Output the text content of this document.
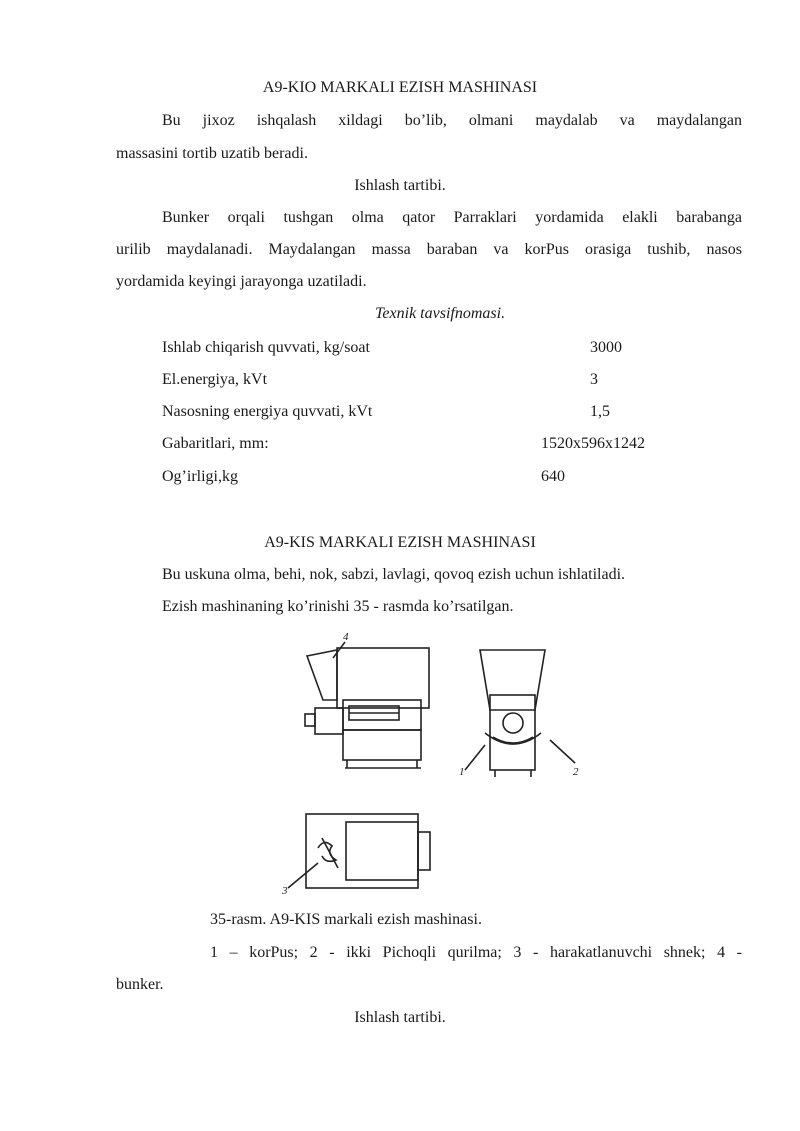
A9-KIO MARKALI EZISH MASHINASI
Bu jixoz ishqalash xildagi bo’lib, olmani maydalab va maydalangan
massasini tortib uzatib beradi.
Ishlash tartibi.
Bunker orqali tushgan olma qator Parraklari yordamida elakli barabanga
urilib maydalanadi. Maydalangan massa baraban va korPus orasiga tushib, nasos
yordamida keyingi jarayonga uzatiladi.
Texnik tavsifnomasi.
Ishlab chiqarish quvvati, kg/soat	3000
El.energiya, kVt	3
Nasosning energiya quvvati, kVt	1,5
Gabaritlari, mm:	1520x596x1242
Og’irligi,kg	640
A9-KIS MARKALI EZISH MASHINASI
Bu uskuna olma, behi, nok, sabzi, lavlagi, qovoq ezish uchun ishlatiladi.
Ezish mashinaning ko’rinishi 35 - rasmda ko’rsatilgan.
4
2
1
3
35-rasm. A9-KIS markali ezish mashinasi.
1 – korPus; 2 - ikki Pichoqli qurilma; 3 - harakatlanuvchi shnek; 4 -
bunker.
Ishlash tartibi.
